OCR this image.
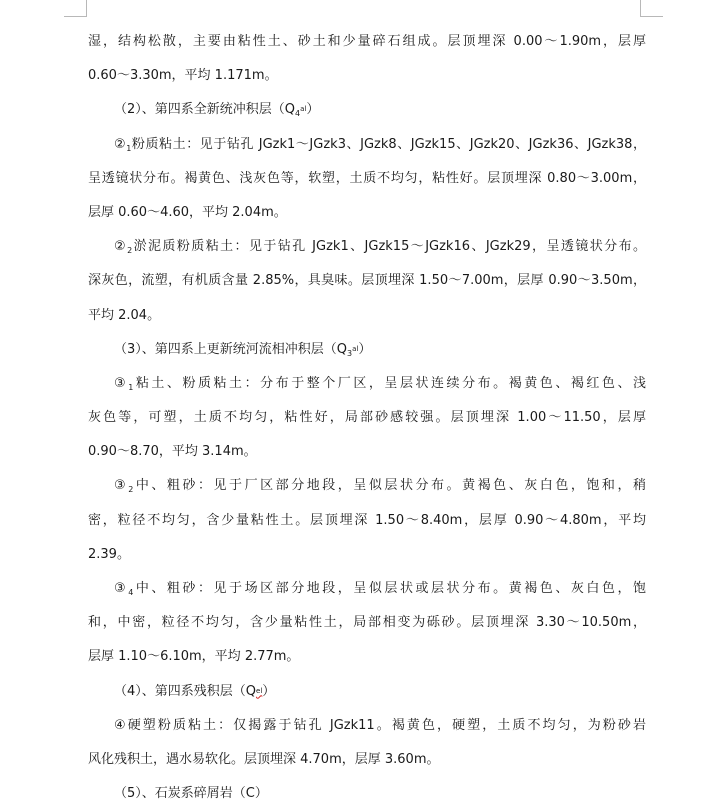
湿，结构松散，主要由粘性土、砂土和少量碎石组成。层顶埋深 0.00～1.90m，层厚
0.60～3.30m，平均 1.171m。
（2）、第四系全新统冲积层$(Q_4^{al})$
$②_1$粉质粘土：见于钻孔 JGzk1～JGzk3、JGzk8、JGzk15、JGzk20、JGzk36、JGzk38，
呈透镜状分布。褐黄色、浅灰色等，软塑，土质不均匀，粘性好。层顶埋深 0.80～3.00m，
层厚 0.60～4.60，平均 2.04m。
$②_2$淤泥质粉质粘土：见于钻孔 JGzk1、JGzk15～JGzk16、JGzk29，呈透镜状分布。
深灰色，流塑，有机质含量 2.85%，具臭味。层顶埋深 1.50～7.00m，层厚 0.90～3.50m，
平均 2.04。
（3）、第四系上更新统河流相冲积层$(Q_3^{al})$
$③_1$粘土、粉质粘土：分布于整个厂区，呈层状连续分布。褐黄色、褐红色、浅
灰色等，可塑，土质不均匀，粘性好，局部砂感较强。层顶埋深 1.00～11.50，层厚
0.90～8.70，平均 3.14m。
$③_2$中、粗砂：见于厂区部分地段，呈似层状分布。黄褐色、灰白色，饱和，稍
密，粒径不均匀，含少量粘性土。层顶埋深 1.50～8.40m，层厚 0.90～4.80m，平均
2.39。
$③_4$中、粗砂：见于场区部分地段，呈似层状或层状分布。黄褐色、灰白色，饱
和，中密，粒径不均匀，含少量粘性土，局部相变为砾砂。层顶埋深 3.30～10.50m，
层厚 1.10～6.10m，平均 2.77m。
（4）、第四系残积层$(Q^{el})$
④硬塑粉质粘土：仅揭露于钻孔 JGzk11。褐黄色，硬塑，土质不均匀，为粉砂岩
风化残积土，遇水易软化。层顶埋深 4.70m，层厚 3.60m。
（5）、石炭系碎屑岩（C）
